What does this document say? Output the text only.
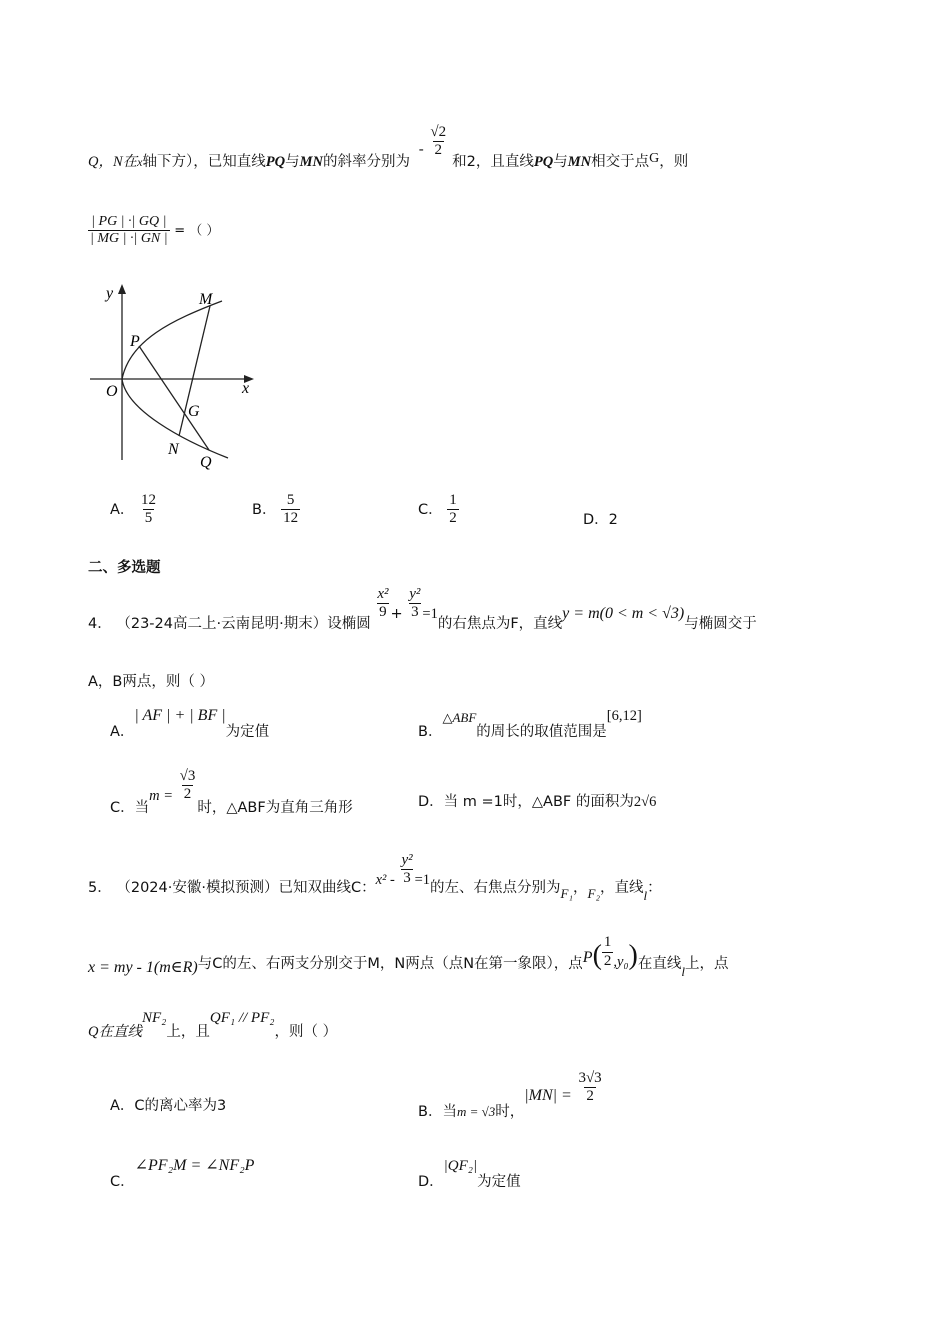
Q，N在$_x$轴下方），已知直线PQ与MN的斜率分别为 - $\frac{√2}{2}$
和2，且直线PQ与MN相交于点G，则
$\frac{| PG | \cdot| GQ |}{| MG | \cdot| GN |}$ = （ ）
y
x
O
P
M
G
N
Q
A． $\frac{12}{5}$	B． $\frac{5}{12}$	C． $\frac{1}{2}$	D．2
二、多选题
4． （23-24高二上·云南昆明·期末）设椭圆
$\frac{\text{x²}}{9} + \frac{\text{y²}}{3} =1$的右焦点为F，直线y = m(0 < m < √3)与椭圆交于
A，B两点，则（ ）
A．| AF | + | BF |为定值	B．△ABF的周长的取值范围是[6,12]
C．当$m = \frac{√3}{2}$
时，△ABF为直角三角形	D．当 m =1时，△ABF 的面积为2√6
5． （2024·安徽·模拟预测）已知双曲线C：$x^2 - \frac{\text{y²}}{3} =1$的左、右焦点分别为F₁，F₂，直线l：
x = my - 1(m∈R)与C的左、右两支分别交于M，N两点（点N在第一象限），点$P( \frac{1}{2} ,y_0)$在直线l上，点
Q在直线NF₂上，且QF₁ // PF₂，则（ ）
A．C的离心率为3	B．当m = √3时，$|MN| = \frac{3√3}{2}$
C．∠PF₂M = ∠NF₂P
D．|QF₂|为定值
